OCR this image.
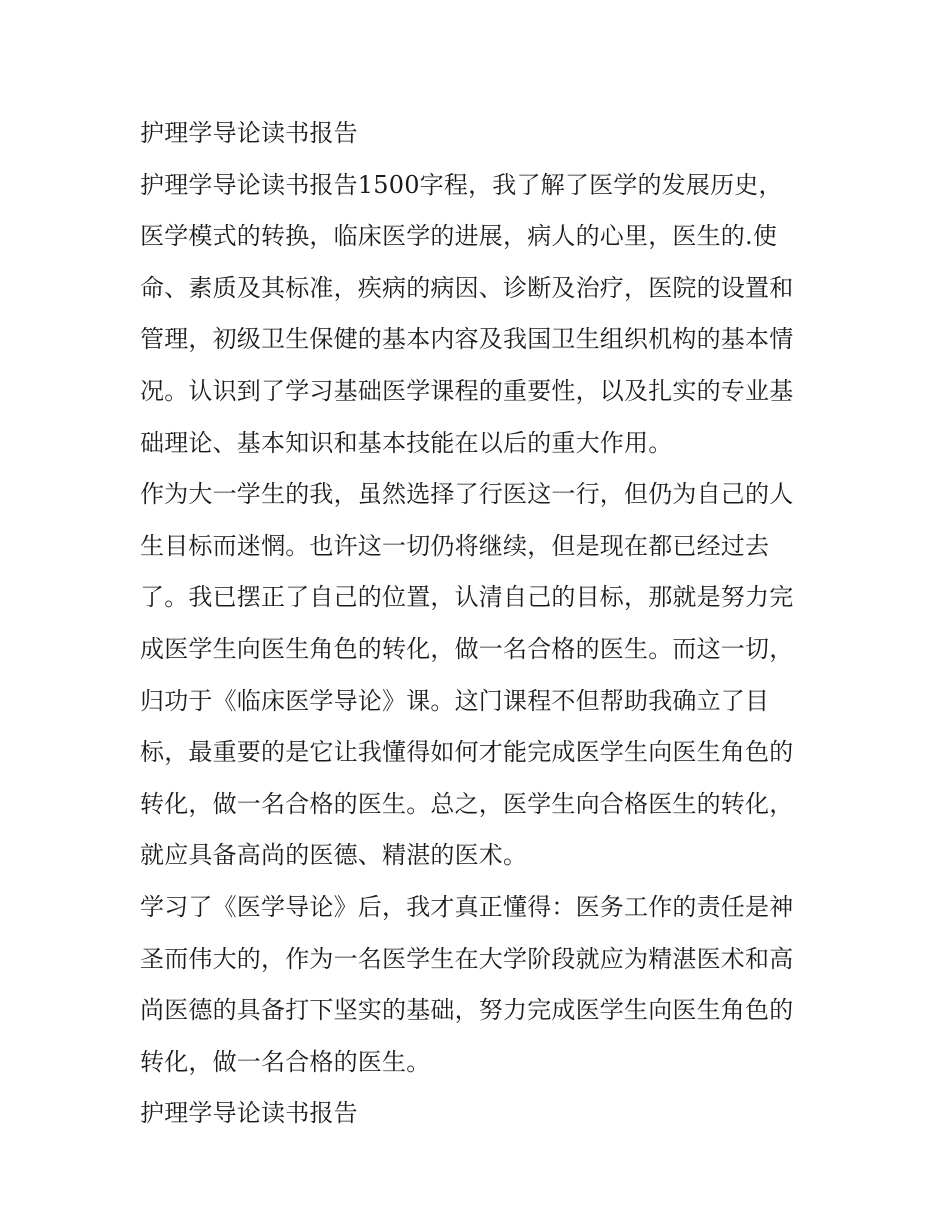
护理学导论读书报告
护理学导论读书报告1500字程，我了解了医学的发展历史，
医学模式的转换，临床医学的进展，病人的心里，医生的.使
命、素质及其标准，疾病的病因、诊断及治疗，医院的设置和
管理，初级卫生保健的基本内容及我国卫生组织机构的基本情
况。认识到了学习基础医学课程的重要性，以及扎实的专业基
础理论、基本知识和基本技能在以后的重大作用。
作为大一学生的我，虽然选择了行医这一行，但仍为自己的人
生目标而迷惘。也许这一切仍将继续，但是现在都已经过去
了。我已摆正了自己的位置，认清自己的目标，那就是努力完
成医学生向医生角色的转化，做一名合格的医生。而这一切，
归功于《临床医学导论》课。这门课程不但帮助我确立了目
标，最重要的是它让我懂得如何才能完成医学生向医生角色的
转化，做一名合格的医生。总之，医学生向合格医生的转化，
就应具备高尚的医德、精湛的医术。
学习了《医学导论》后，我才真正懂得：医务工作的责任是神
圣而伟大的，作为一名医学生在大学阶段就应为精湛医术和高
尚医德的具备打下坚实的基础，努力完成医学生向医生角色的
转化，做一名合格的医生。
护理学导论读书报告
